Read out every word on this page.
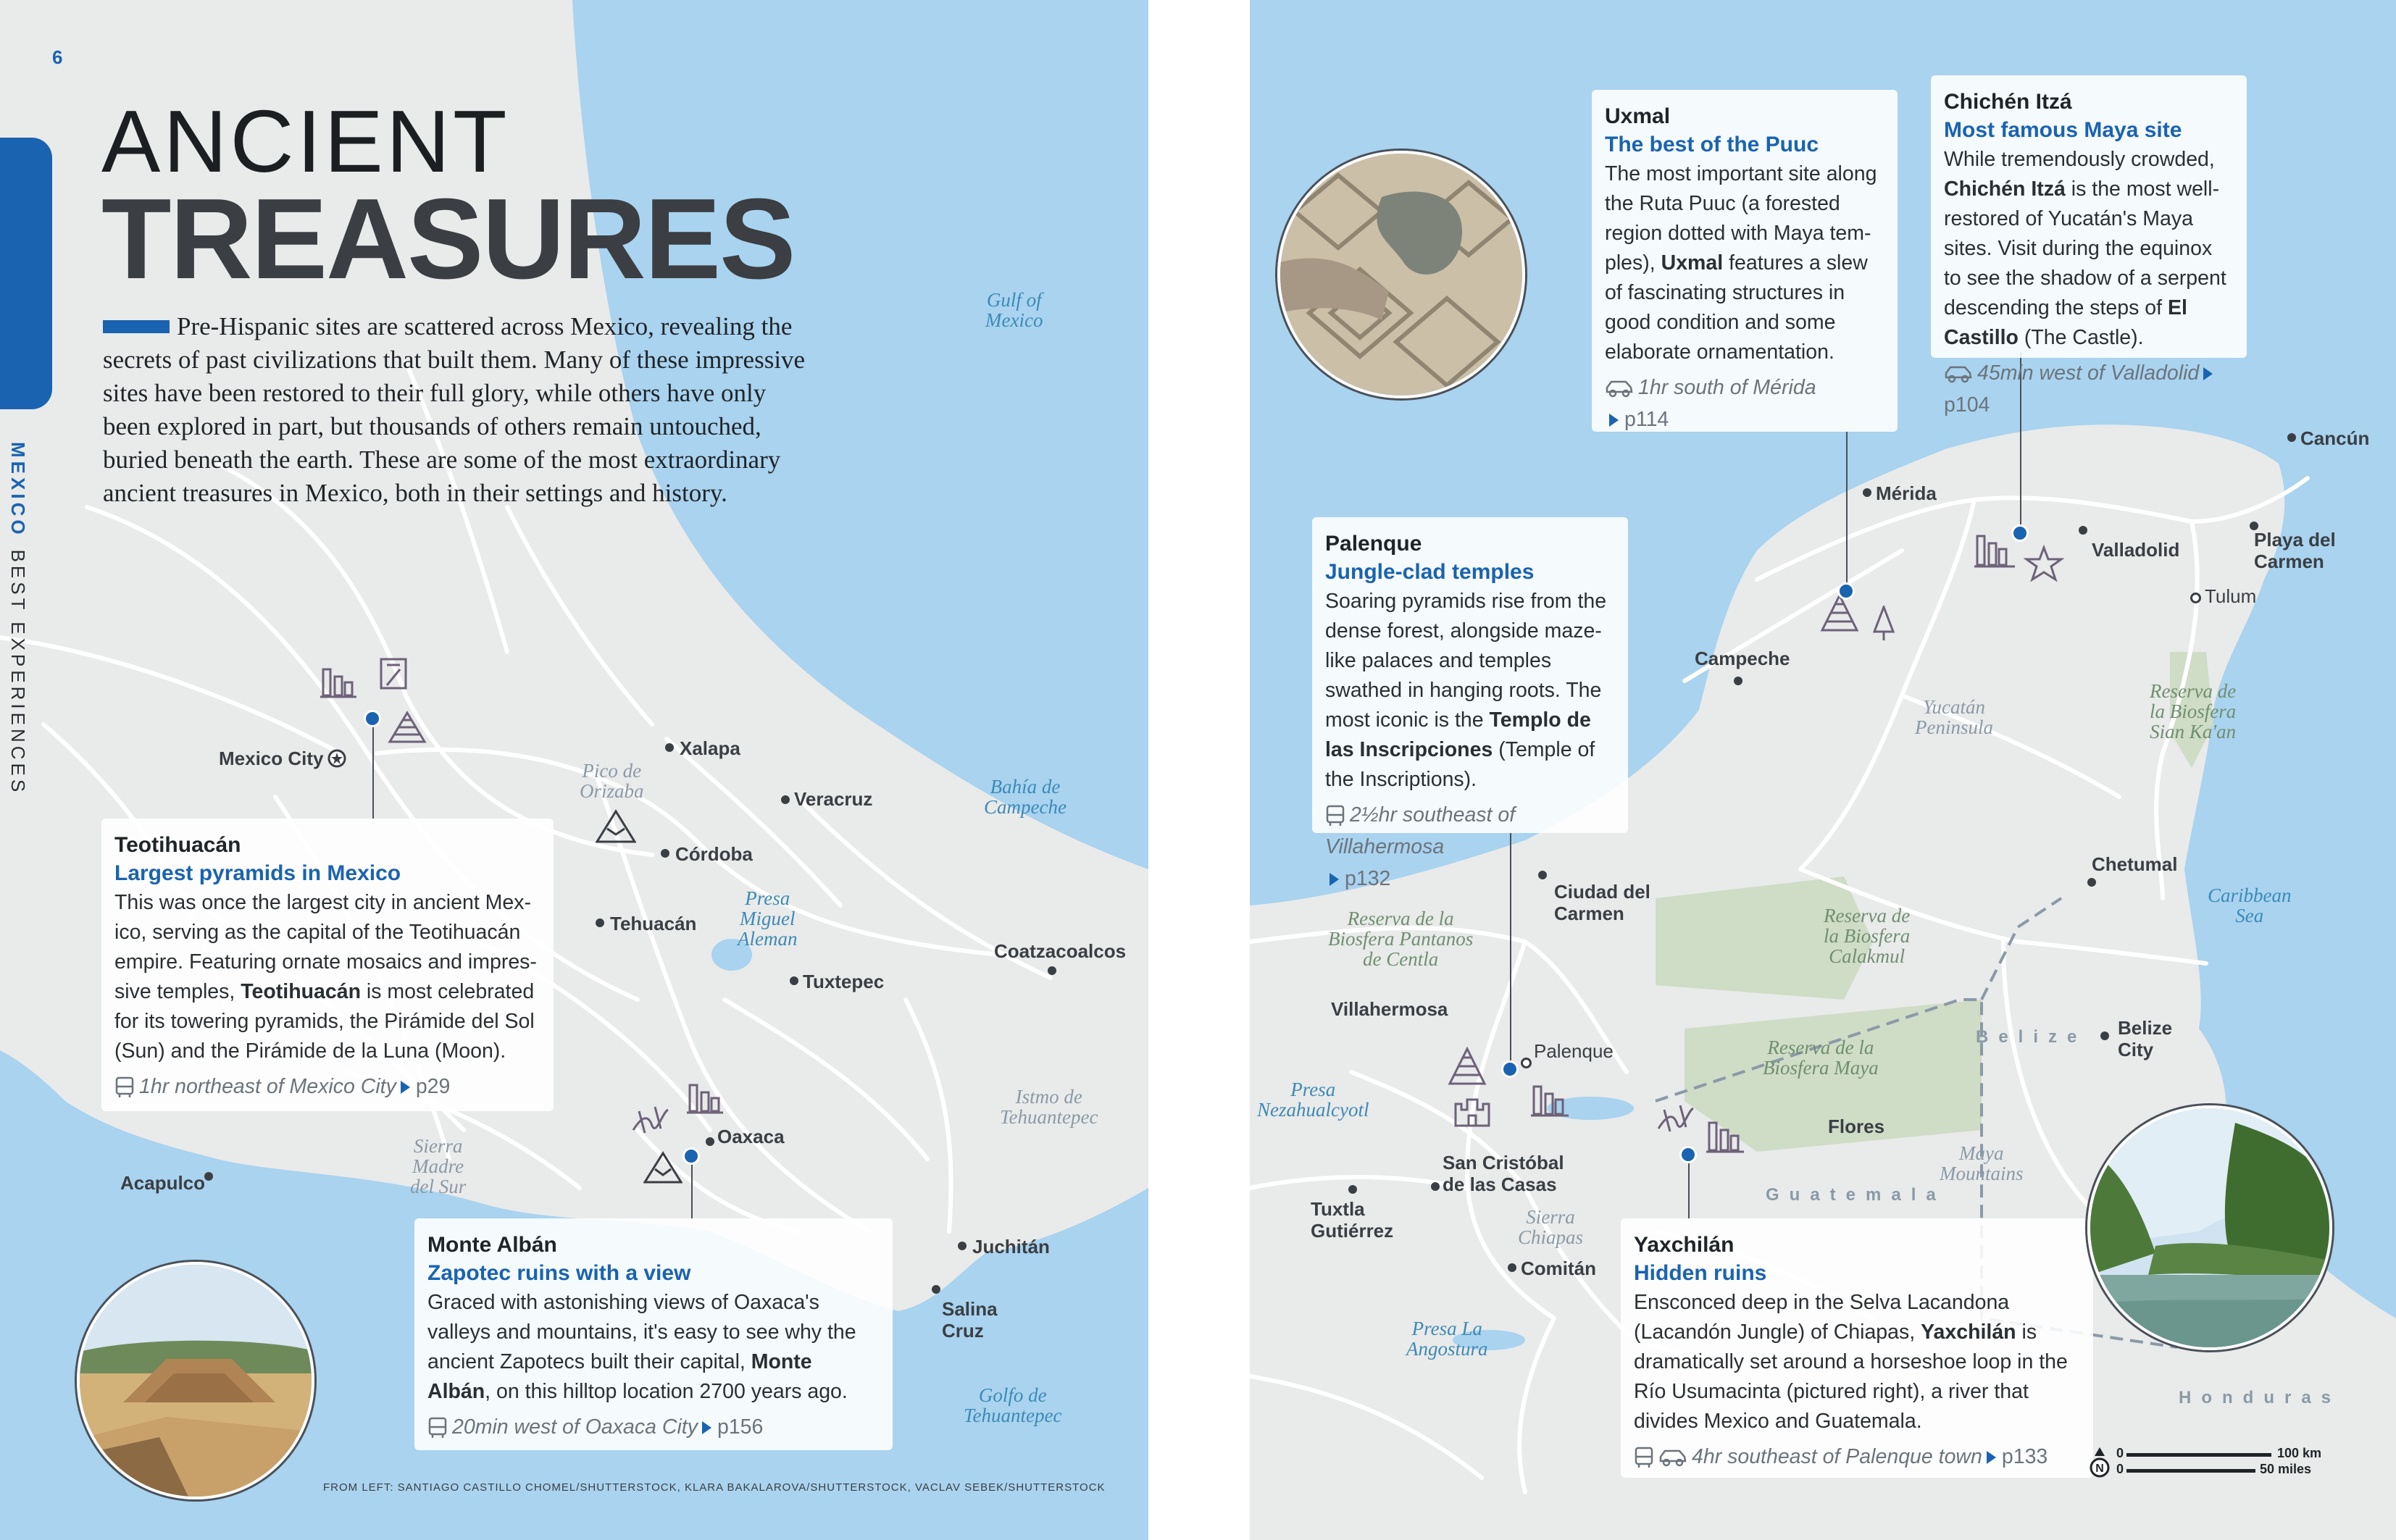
Gulf of
Mexico
Bahía de
Campeche
Golfo de
Tehuantepec
Pico de
Orizaba
Presa
Miguel
Aleman
Istmo de
Tehuantepec
Sierra
Madre
del Sur
Mexico City	Xalapa
Veracruz
Córdoba
Tehuacán
Tuxtepec
Coatzacoalcos
Oaxaca
Acapulco
Juchitán
Salina
Cruz
6
MEXICOBEST EXPERIENCES
ANCIENT
TREASURES
Pre-Hispanic sites are scattered across Mexico, revealing the secrets of past civilizations that built them. Many of these impressive sites have been restored to their full glory, while others have only been explored in part, but thousands of others remain untouched, buried beneath the earth. These are some of the most extraordinary ancient treasures in Mexico, both in their settings and history.
Teotihuacán
Largest pyramids in Mexico
This was once the largest city in ancient Mex-ico, serving as the capital of the Teotihuacán empire. Featuring ornate mosaics and impres-sive temples, Teotihuacán is most celebrated for its towering pyramids, the Pirámide del Sol (Sun) and the Pirámide de la Luna (Moon).
1hr northeast of Mexico City p29
Monte Albán
Zapotec ruins with a view
Graced with astonishing views of Oaxaca's valleys and mountains, it's easy to see why the ancient Zapotecs built their capital, Monte Albán, on this hilltop location 2700 years ago.
20min west of Oaxaca City p156
FROM LEFT: SANTIAGO CASTILLO CHOMEL/SHUTTERSTOCK, KLARA BAKALAROVA/SHUTTERSTOCK, VACLAV SEBEK/SHUTTERSTOCK
Caribbean
Sea
Yucatán
Peninsula
Reserva de
la Biosfera
Sian Ka'an
Reserva de la
Biosfera Pantanos
de Centla
Reserva de
la Biosfera
Calakmul
Reserva de la
Biosfera Maya
Presa
Nezahualcyotl
Sierra
Chiapas
Presa La
Angostura
Maya
Mountains
Belize
Guatemala
Honduras
Cancún
Mérida
Valladolid	Playa del
Carmen
Tulum
Campeche
Chetumal
Ciudad del
Carmen
Villahermosa
Palenque
Belize
City
Flores
San Cristóbal
de las Casas
Tuxtla
Gutiérrez
Comitán
Uxmal
The best of the Puuc
The most important site along the Ruta Puuc (a forested region dotted with Maya tem-ples), Uxmal features a slew of fascinating structures in good condition and some elaborate ornamentation.
1hr south of Mérida
p114
Chichén Itzá
Most famous Maya site
While tremendously crowded, Chichén Itzá is the most well-restored of Yucatán's Maya sites. Visit during the equinox to see the shadow of a serpent descending the steps of El Castillo (The Castle).
45min west of Valladolidp104
Palenque
Jungle-clad temples
Soaring pyramids rise from the dense forest, alongside maze-like palaces and temples swathed in hanging roots. The most iconic is the Templo de las Inscripciones (Temple of the Inscriptions).
2½hr southeast of Villahermosa
p132
Yaxchilán
Hidden ruins
Ensconced deep in the Selva Lacandona (Lacandón Jungle) of Chiapas, Yaxchilán is dramatically set around a horseshoe loop in the Río Usumacinta (pictured right), a river that divides Mexico and Guatemala.
4hr southeast of Palenque town p133
N
0
0
100 km
50 miles
